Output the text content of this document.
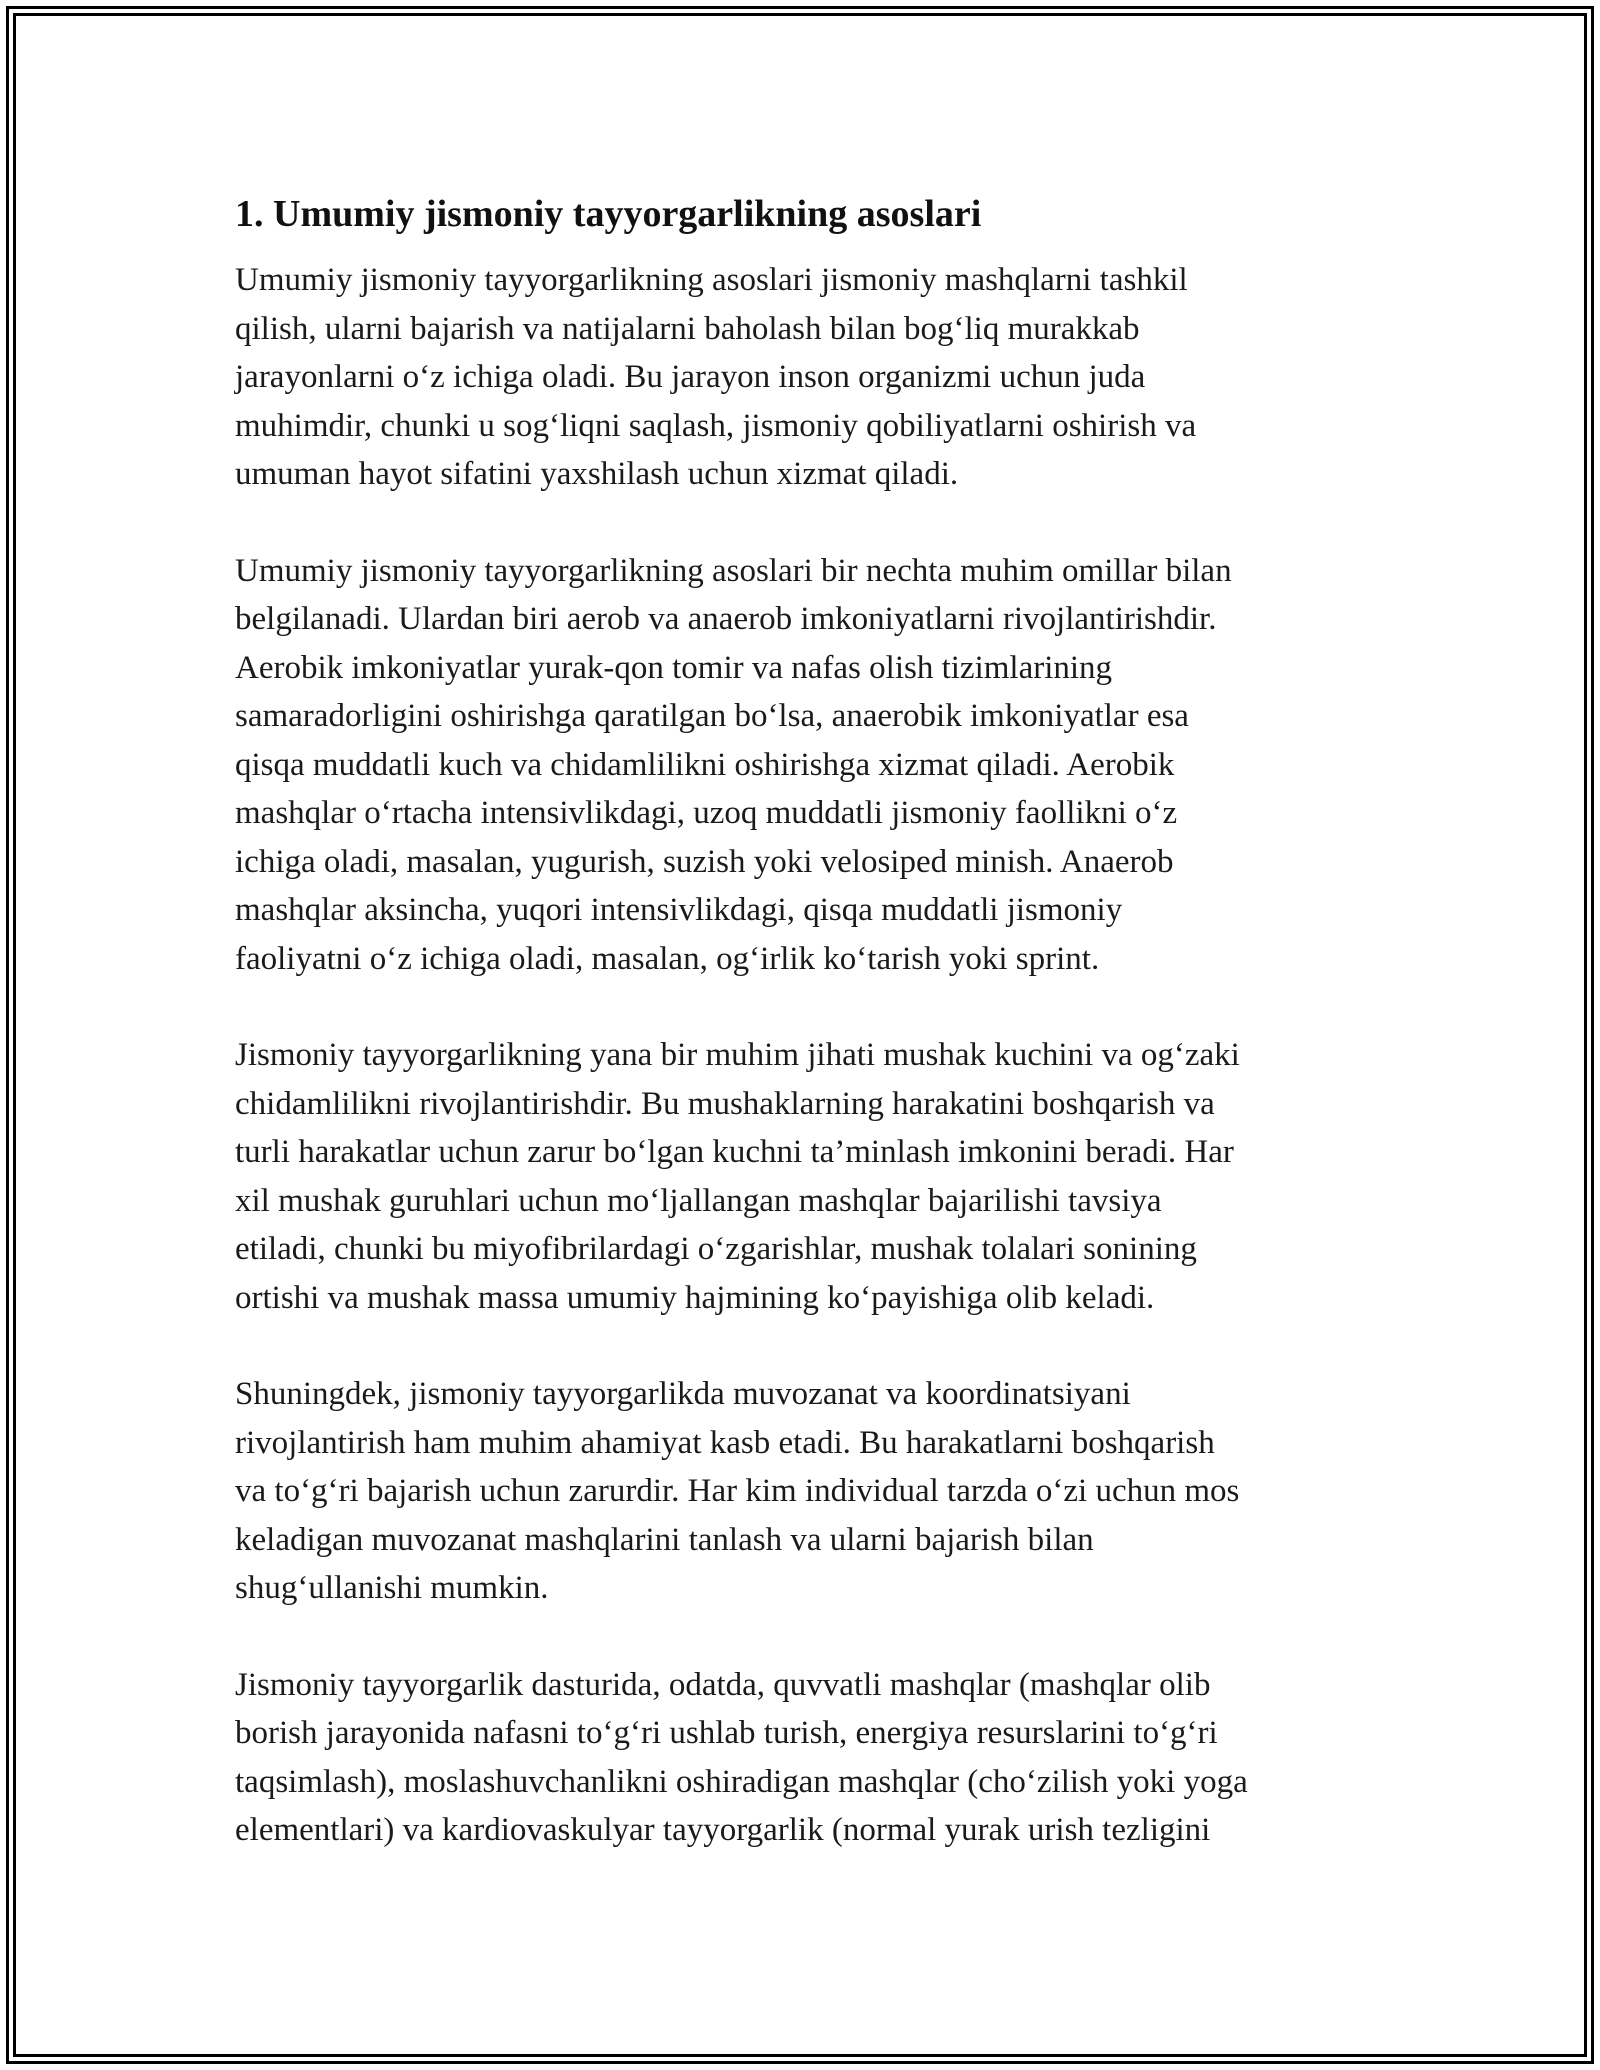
1. Umumiy jismoniy tayyorgarlikning asoslari
Umumiy jismoniy tayyorgarlikning asoslari jismoniy mashqlarni tashkil
qilish, ularni bajarish va natijalarni baholash bilan bog‘liq murakkab
jarayonlarni o‘z ichiga oladi. Bu jarayon inson organizmi uchun juda
muhimdir, chunki u sog‘liqni saqlash, jismoniy qobiliyatlarni oshirish va
umuman hayot sifatini yaxshilash uchun xizmat qiladi.
Umumiy jismoniy tayyorgarlikning asoslari bir nechta muhim omillar bilan
belgilanadi. Ulardan biri aerob va anaerob imkoniyatlarni rivojlantirishdir.
Aerobik imkoniyatlar yurak-qon tomir va nafas olish tizimlarining
samaradorligini oshirishga qaratilgan bo‘lsa, anaerobik imkoniyatlar esa
qisqa muddatli kuch va chidamlilikni oshirishga xizmat qiladi. Aerobik
mashqlar o‘rtacha intensivlikdagi, uzoq muddatli jismoniy faollikni o‘z
ichiga oladi, masalan, yugurish, suzish yoki velosiped minish. Anaerob
mashqlar aksincha, yuqori intensivlikdagi, qisqa muddatli jismoniy
faoliyatni o‘z ichiga oladi, masalan, og‘irlik ko‘tarish yoki sprint.
Jismoniy tayyorgarlikning yana bir muhim jihati mushak kuchini va og‘zaki
chidamlilikni rivojlantirishdir. Bu mushaklarning harakatini boshqarish va
turli harakatlar uchun zarur bo‘lgan kuchni ta’minlash imkonini beradi. Har
xil mushak guruhlari uchun mo‘ljallangan mashqlar bajarilishi tavsiya
etiladi, chunki bu miyofibrilardagi o‘zgarishlar, mushak tolalari sonining
ortishi va mushak massa umumiy hajmining ko‘payishiga olib keladi.
Shuningdek, jismoniy tayyorgarlikda muvozanat va koordinatsiyani
rivojlantirish ham muhim ahamiyat kasb etadi. Bu harakatlarni boshqarish
va to‘g‘ri bajarish uchun zarurdir. Har kim individual tarzda o‘zi uchun mos
keladigan muvozanat mashqlarini tanlash va ularni bajarish bilan
shug‘ullanishi mumkin.
Jismoniy tayyorgarlik dasturida, odatda, quvvatli mashqlar (mashqlar olib
borish jarayonida nafasni to‘g‘ri ushlab turish, energiya resurslarini to‘g‘ri
taqsimlash), moslashuvchanlikni oshiradigan mashqlar (cho‘zilish yoki yoga
elementlari) va kardiovaskulyar tayyorgarlik (normal yurak urish tezligini
